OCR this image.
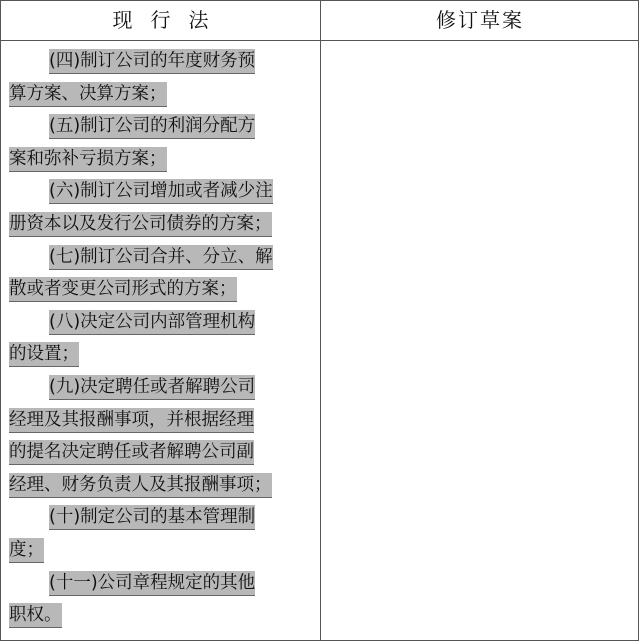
现行法	修订草案
(四)制订公司的年度财务预
算方案、决算方案；
(五)制订公司的利润分配方
案和弥补亏损方案；
(六)制订公司增加或者减少注
册资本以及发行公司债券的方案；
(七)制订公司合并、分立、解
散或者变更公司形式的方案；
(八)决定公司内部管理机构
的设置；
(九)决定聘任或者解聘公司
经理及其报酬事项，并根据经理
的提名决定聘任或者解聘公司副
经理、财务负责人及其报酬事项；
(十)制定公司的基本管理制
度；
(十一)公司章程规定的其他
职权。
